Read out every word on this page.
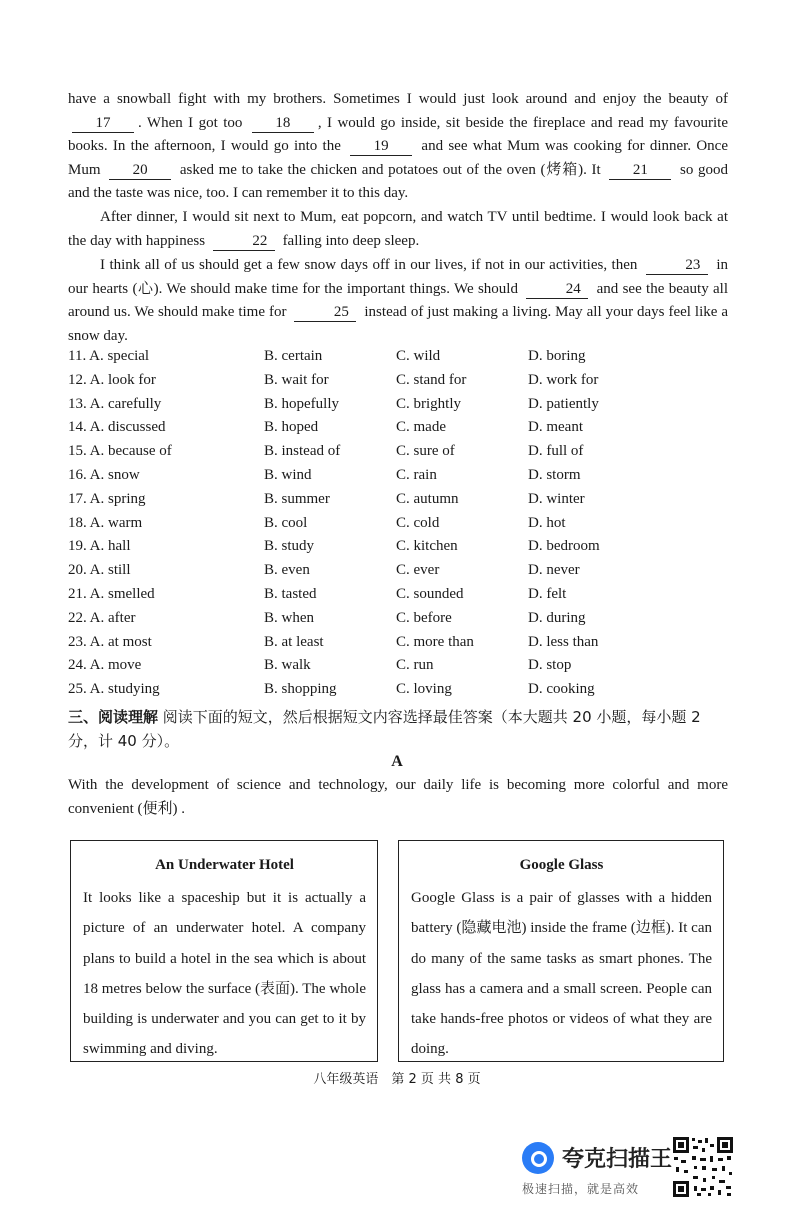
have a snowball fight with my brothers. Sometimes I would just look around and enjoy the beauty of 17 . When I got too 18 , I would go inside, sit beside the fireplace and read my favourite books. In the afternoon, I would go into the 19 and see what Mum was cooking for dinner. Once Mum 20 asked me to take the chicken and potatoes out of the oven (烤箱). It 21 so good and the taste was nice, too. I can remember it to this day.
After dinner, I would sit next to Mum, eat popcorn, and watch TV until bedtime. I would look back at the day with happiness	22 falling into deep sleep.
I think all of us should get a few snow days off in our lives, if not in our activities, then	23 in our hearts (心). We should make time for the important things. We should	24 and see the beauty all around us. We should make time for	25 instead of just making a living. May all your days feel like a snow day.
11. A. special	B. certain	C. wild	D. boring
12. A. look for	B. wait for	C. stand for	D. work for
13. A. carefully	B. hopefully	C. brightly	D. patiently
14. A. discussed	B. hoped	C. made	D. meant
15. A. because of	B. instead of	C. sure of	D. full of
16. A. snow	B. wind	C. rain	D. storm
17. A. spring	B. summer	C. autumn	D. winter
18. A. warm	B. cool	C. cold	D. hot
19. A. hall	B. study	C. kitchen	D. bedroom
20. A. still	B. even	C. ever	D. never
21. A. smelled	B. tasted	C. sounded	D. felt
22. A. after	B. when	C. before	D. during
23. A. at most	B. at least	C. more than	D. less than
24. A. move	B. walk	C. run	D. stop
25. A. studying	B. shopping	C. loving	D. cooking
三、阅读理解 阅读下面的短文，然后根据短文内容选择最佳答案（本大题共 20 小题，每小题 2 分，计 40 分）。
A
With the development of science and technology, our daily life is becoming more colorful and more convenient (便利) .
An Underwater Hotel
It looks like a spaceship but it is actually a picture of an underwater hotel. A company plans to build a hotel in the sea which is about 18 metres below the surface (表面). The whole building is underwater and you can get to it by swimming and diving.
Google Glass
Google Glass is a pair of glasses with a hidden battery (隐藏电池) inside the frame (边框). It can do many of the same tasks as smart phones. The glass has a camera and a small screen. People can take hands-free photos or videos of what they are doing.
八年级英语　第 2 页 共 8 页
夸克扫描王
极速扫描，就是高效
